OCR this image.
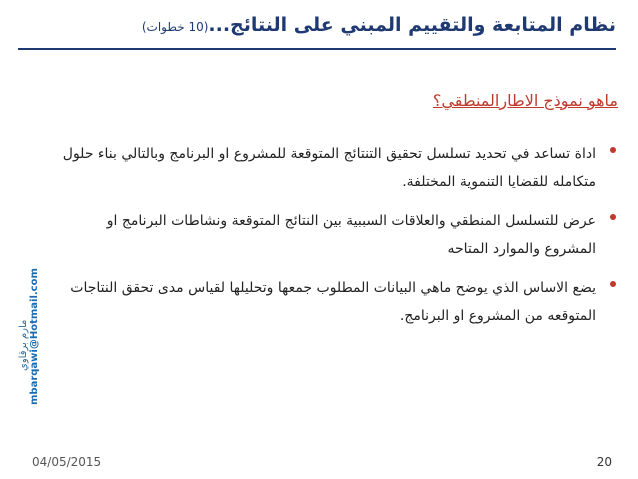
نظام المتابعة والتقييم المبني على النتائج...(10 خطوات)
ماهو نموذج الاطارالمنطقي؟
اداة تساعد في تحديد تسلسل تحقيق التنتائج المتوقعة للمشروع او البرنامج وبالتالي بناء حلول متكامله للقضايا التنموية المختلفة.
عرض للتسلسل المنطقي والعلاقات السببية بين النتائج المتوقعة ونشاطات البرنامج او المشروع والموارد المتاحه
يضع الاساس الذي يوضح ماهي البيانات المطلوب جمعها وتحليلها لقياس مدى تحقق النتاجات المتوقعه من المشروع او البرنامج.
مارم برقاوي
mbarqawi@Hotmail.com
04/05/2015	20
